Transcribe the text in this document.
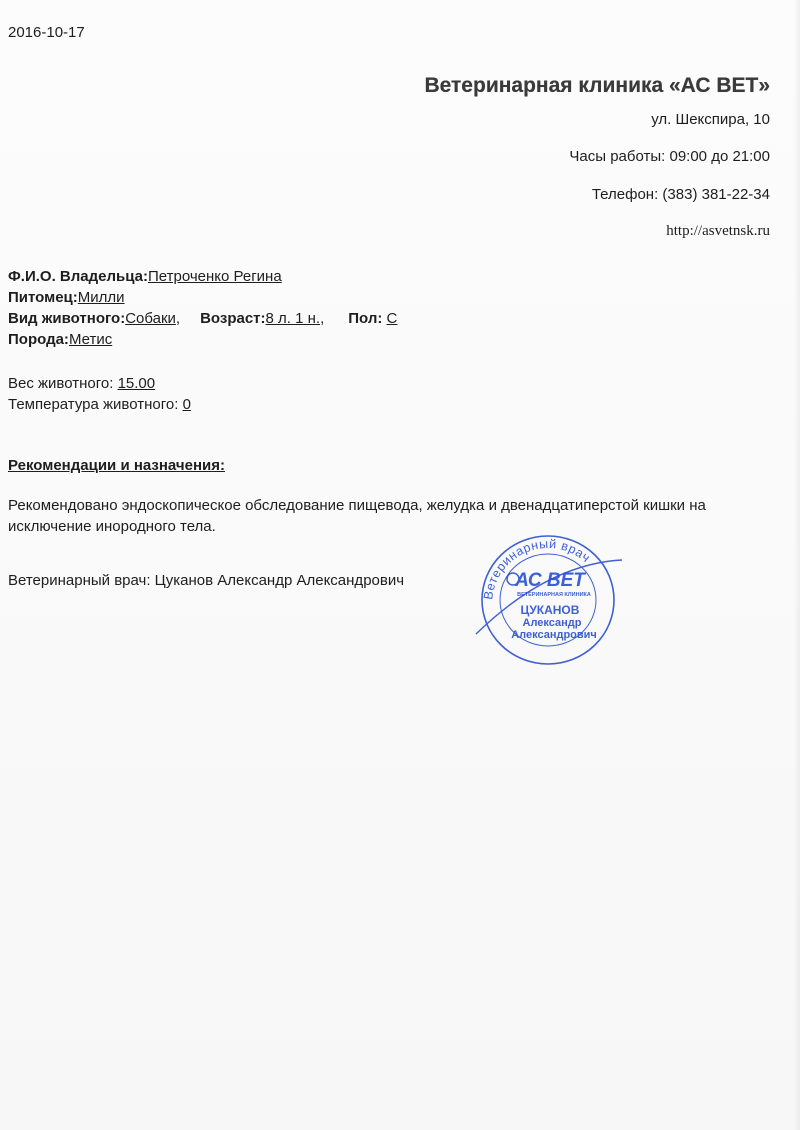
2016-10-17
Ветеринарная клиника «АС ВЕТ»
ул. Шекспира, 10
Часы работы: 09:00 до 21:00
Телефон: (383) 381-22-34
http://asvetnsk.ru
Ф.И.О. Владельца:Петроченко Регина
Питомец:Милли
Вид животного:Собаки, Возраст:8 л. 1 н., Пол: С
Порода:Метис
Вес животного: 15.00
Температура животного: 0
Рекомендации и назначения:
Рекомендовано эндоскопическое обследование пищевода, желудка и двенадцатиперстой кишки на исключение инородного тела.
Ветеринарный врач: Цуканов Александр Александрович
Ветеринарный врач
АС ВЕТ
ВЕТЕРИНАРНАЯ КЛИНИКА
ЦУКАНОВ
Александр
Александрович
